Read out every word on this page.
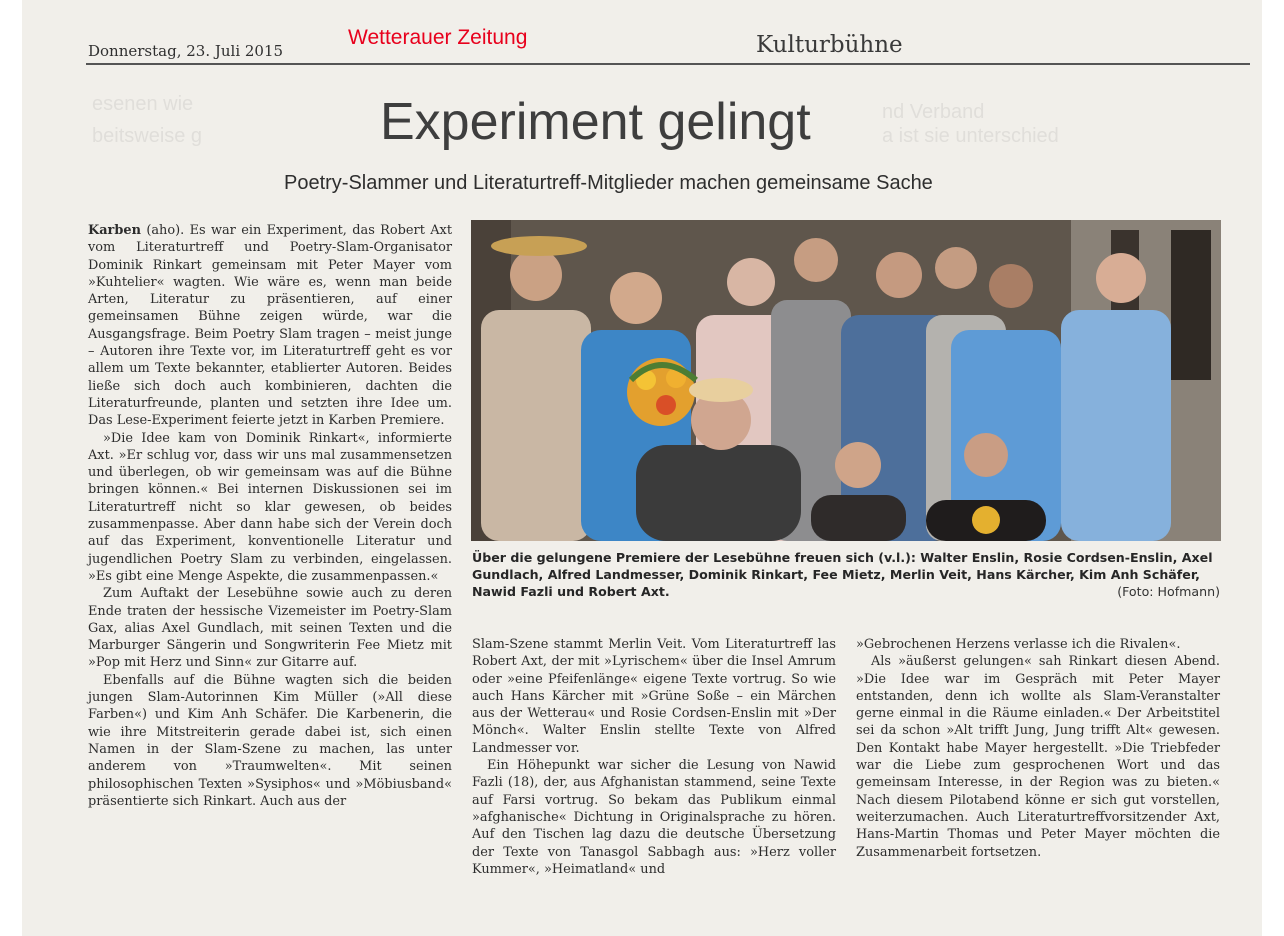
nd Verband
a ist sie unterschied
esenen wie
beitsweise g
Wetterauer Zeitung
Donnerstag, 23. Juli 2015	Kulturbühne
Experiment gelingt
Poetry-Slammer und Literaturtreff-Mitglieder machen gemeinsame Sache

Karben (aho). Es war ein Experiment, das Robert Axt vom Literaturtreff und Poetry-Slam-Organisator Dominik Rinkart gemeinsam mit Peter Mayer vom »Kuhtelier« wagten. Wie wäre es, wenn man beide Arten, Literatur zu präsentieren, auf einer gemeinsamen Bühne zeigen würde, war die Ausgangsfrage. Beim Poetry Slam tragen – meist junge – Autoren ihre Texte vor, im Literaturtreff geht es vor allem um Texte bekannter, etablierter Autoren. Beides ließe sich doch auch kombinieren, dachten die Literaturfreunde, planten und setzten ihre Idee um. Das Lese-Experiment feierte jetzt in Karben Premiere.

»Die Idee kam von Dominik Rinkart«, informierte Axt. »Er schlug vor, dass wir uns mal zusammensetzen und überlegen, ob wir gemeinsam was auf die Bühne bringen können.« Bei internen Diskussionen sei im Literaturtreff nicht so klar gewesen, ob beides zusammenpasse. Aber dann habe sich der Verein doch auf das Experiment, konventionelle Literatur und jugendlichen Poetry Slam zu verbinden, eingelassen. »Es gibt eine Menge Aspekte, die zusammenpassen.«

Zum Auftakt der Lesebühne sowie auch zu deren Ende traten der hessische Vizemeister im Poetry-Slam Gax, alias Axel Gundlach, mit seinen Texten und die Marburger Sängerin und Songwriterin Fee Mietz mit »Pop mit Herz und Sinn« zur Gitarre auf.

Ebenfalls auf die Bühne wagten sich die beiden jungen Slam-Autorinnen Kim Müller (»All diese Farben«) und Kim Anh Schäfer. Die Karbenerin, die wie ihre Mitstreiterin gerade dabei ist, sich einen Namen in der Slam-Szene zu machen, las unter anderem von »Traumwelten«. Mit seinen philosophischen Texten »Sysiphos« und »Möbiusband« präsentierte sich Rinkart. Auch aus der

Über die gelungene Premiere der Lesebühne freuen sich (v.l.): Walter Enslin, Rosie Cordsen-Enslin, Axel Gundlach, Alfred Landmesser, Dominik Rinkart, Fee Mietz, Merlin Veit, Hans Kärcher, Kim Anh Schäfer, Nawid Fazli und Robert Axt.	(Foto: Hofmann)

Slam-Szene stammt Merlin Veit. Vom Literaturtreff las Robert Axt, der mit »Lyrischem« über die Insel Amrum oder »eine Pfeifenlänge« eigene Texte vortrug. So wie auch Hans Kärcher mit »Grüne Soße – ein Märchen aus der Wetterau« und Rosie Cordsen-Enslin mit »Der Mönch«. Walter Enslin stellte Texte von Alfred Landmesser vor.

Ein Höhepunkt war sicher die Lesung von Nawid Fazli (18), der, aus Afghanistan stammend, seine Texte auf Farsi vortrug. So bekam das Publikum einmal »afghanische« Dichtung in Originalsprache zu hören. Auf den Tischen lag dazu die deutsche Übersetzung der Texte von Tanasgol Sabbagh aus: »Herz voller Kummer«, »Heimatland« und

»Gebrochenen Herzens verlasse ich die Rivalen«.

Als »äußerst gelungen« sah Rinkart diesen Abend. »Die Idee war im Gespräch mit Peter Mayer entstanden, denn ich wollte als Slam-Veranstalter gerne einmal in die Räume einladen.« Der Arbeitstitel sei da schon »Alt trifft Jung, Jung trifft Alt« gewesen. Den Kontakt habe Mayer hergestellt. »Die Triebfeder war die Liebe zum gesprochenen Wort und das gemeinsam Interesse, in der Region was zu bieten.« Nach diesem Pilotabend könne er sich gut vorstellen, weiterzumachen. Auch Literaturtreffvorsitzender Axt, Hans-Martin Thomas und Peter Mayer möchten die Zusammenarbeit fortsetzen.
